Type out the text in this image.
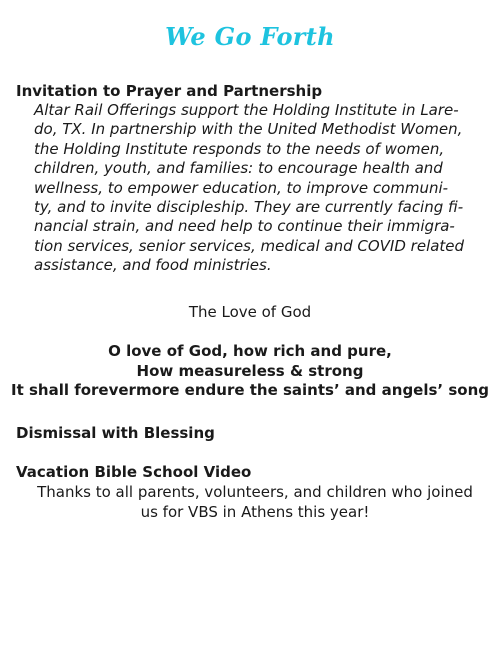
We Go Forth
Invitation to Prayer and Partnership
Altar Rail Offerings support the Holding Institute in Lare-
do, TX. In partnership with the United Methodist Women,
the Holding Institute responds to the needs of women,
children, youth, and families: to encourage health and
wellness, to empower education, to improve communi-
ty, and to invite discipleship. They are currently facing fi-
nancial strain, and need help to continue their immigra-
tion services, senior services, medical and COVID related
assistance, and food ministries.
The Love of God
O love of God, how rich and pure,
How measureless & strong
It shall forevermore endure the saints’ and angels’ song
Dismissal with Blessing
Vacation Bible School Video
Thanks to all parents, volunteers, and children who joined
us for VBS in Athens this year!
